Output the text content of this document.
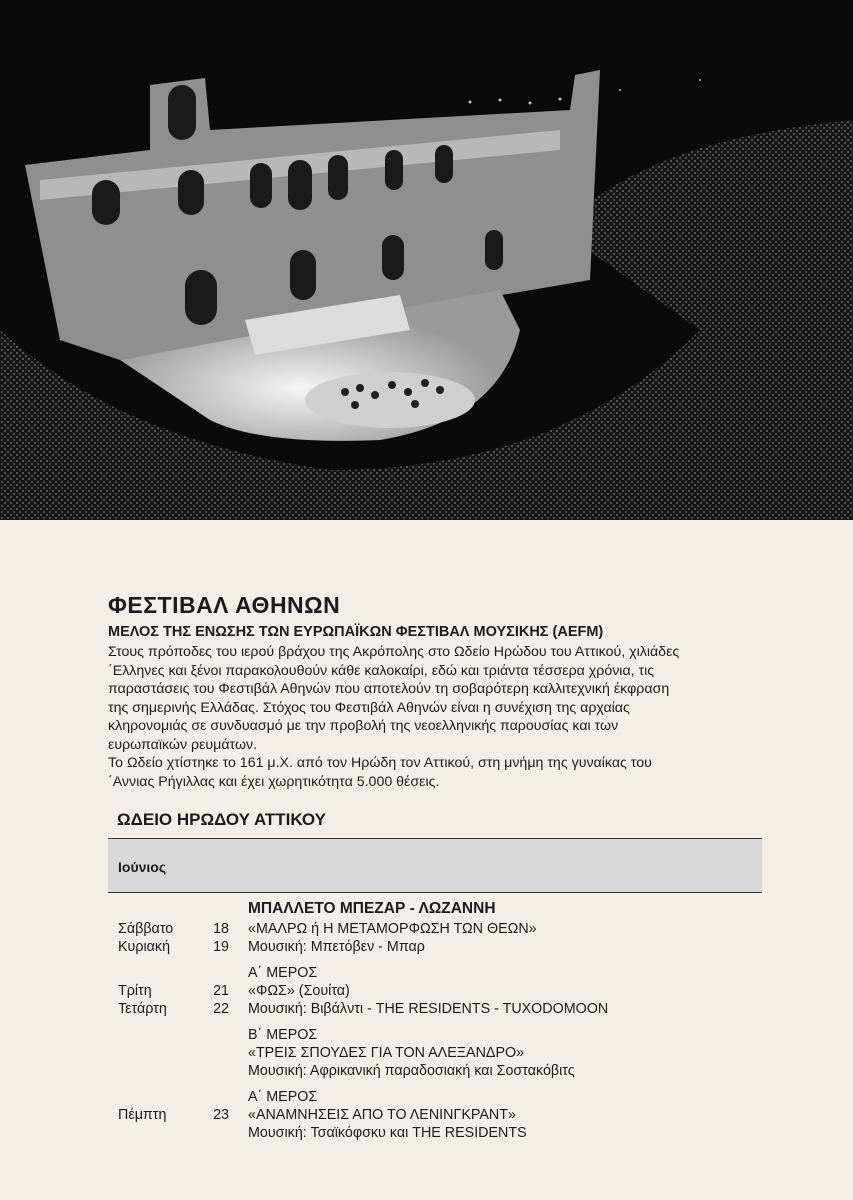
ΦΕΣΤΙΒΑΛ ΑΘΗΝΩΝ
ΜΕΛΟΣ ΤΗΣ ΕΝΩΣΗΣ ΤΩΝ ΕΥΡΩΠΑΪΚΩΝ ΦΕΣΤΙΒΑΛ ΜΟΥΣΙΚΗΣ (AEFM)

Στους πρόποδες του ιερού βράχου της Ακρόπολης στο Ωδείο Ηρώδου του Αττικού, χιλιάδες

΄Ελληνες και ξένοι παρακολουθούν κάθε καλοκαίρι, εδώ και τριάντα τέσσερα χρόνια, τις

παραστάσεις του Φεστιβάλ Αθηνών που αποτελούν τη σοβαρότερη καλλιτεχνική έκφραση

της σημερινής Ελλάδας. Στόχος του Φεστιβάλ Αθηνών είναι η συνέχιση της αρχαίας

κληρονομιάς σε συνδυασμό με την προβολή της νεοελληνικής παρουσίας και των

ευρωπαϊκών ρευμάτων.

Το Ωδείο χτίστηκε το 161 μ.Χ. από τον Ηρώδη τον Αττικού, στη μνήμη της γυναίκας του

΄Αννιας Ρήγιλλας και έχει χωρητικότητα 5.000 θέσεις.

ΩΔΕΙΟ ΗΡΩΔΟΥ ΑΤΤΙΚΟΥ
Ιούνιος
ΜΠΑΛΛΕΤΟ ΜΠΕΖΑΡ - ΛΩΖΑΝΝΗ
Σάββατο	18 «ΜΑΛΡΩ ή Η ΜΕΤΑΜΟΡΦΩΣΗ ΤΩΝ ΘΕΩΝ»
Κυριακή	19 Μουσική: Μπετόβεν - Μπαρ
Α΄ ΜΕΡΟΣ
Τρίτη	21 «ΦΩΣ» (Σουίτα)
Τετάρτη	22 Μουσική: Βιβάλντι - THE RESIDENTS - TUXODOMOON
Β΄ ΜΕΡΟΣ
«ΤΡΕΙΣ ΣΠΟΥΔΕΣ ΓΙΑ ΤΟΝ ΑΛΕΞΑΝΔΡΟ»
Μουσική: Αφρικανική παραδοσιακή και Σοστακόβιτς
Α΄ ΜΕΡΟΣ
Πέμπτη	23 «ΑΝΑΜΝΗΣΕΙΣ ΑΠΟ ΤΟ ΛΕΝΙΝΓΚΡΑΝΤ»
Μουσική: Τσαϊκόφσκυ και THE RESIDENTS
